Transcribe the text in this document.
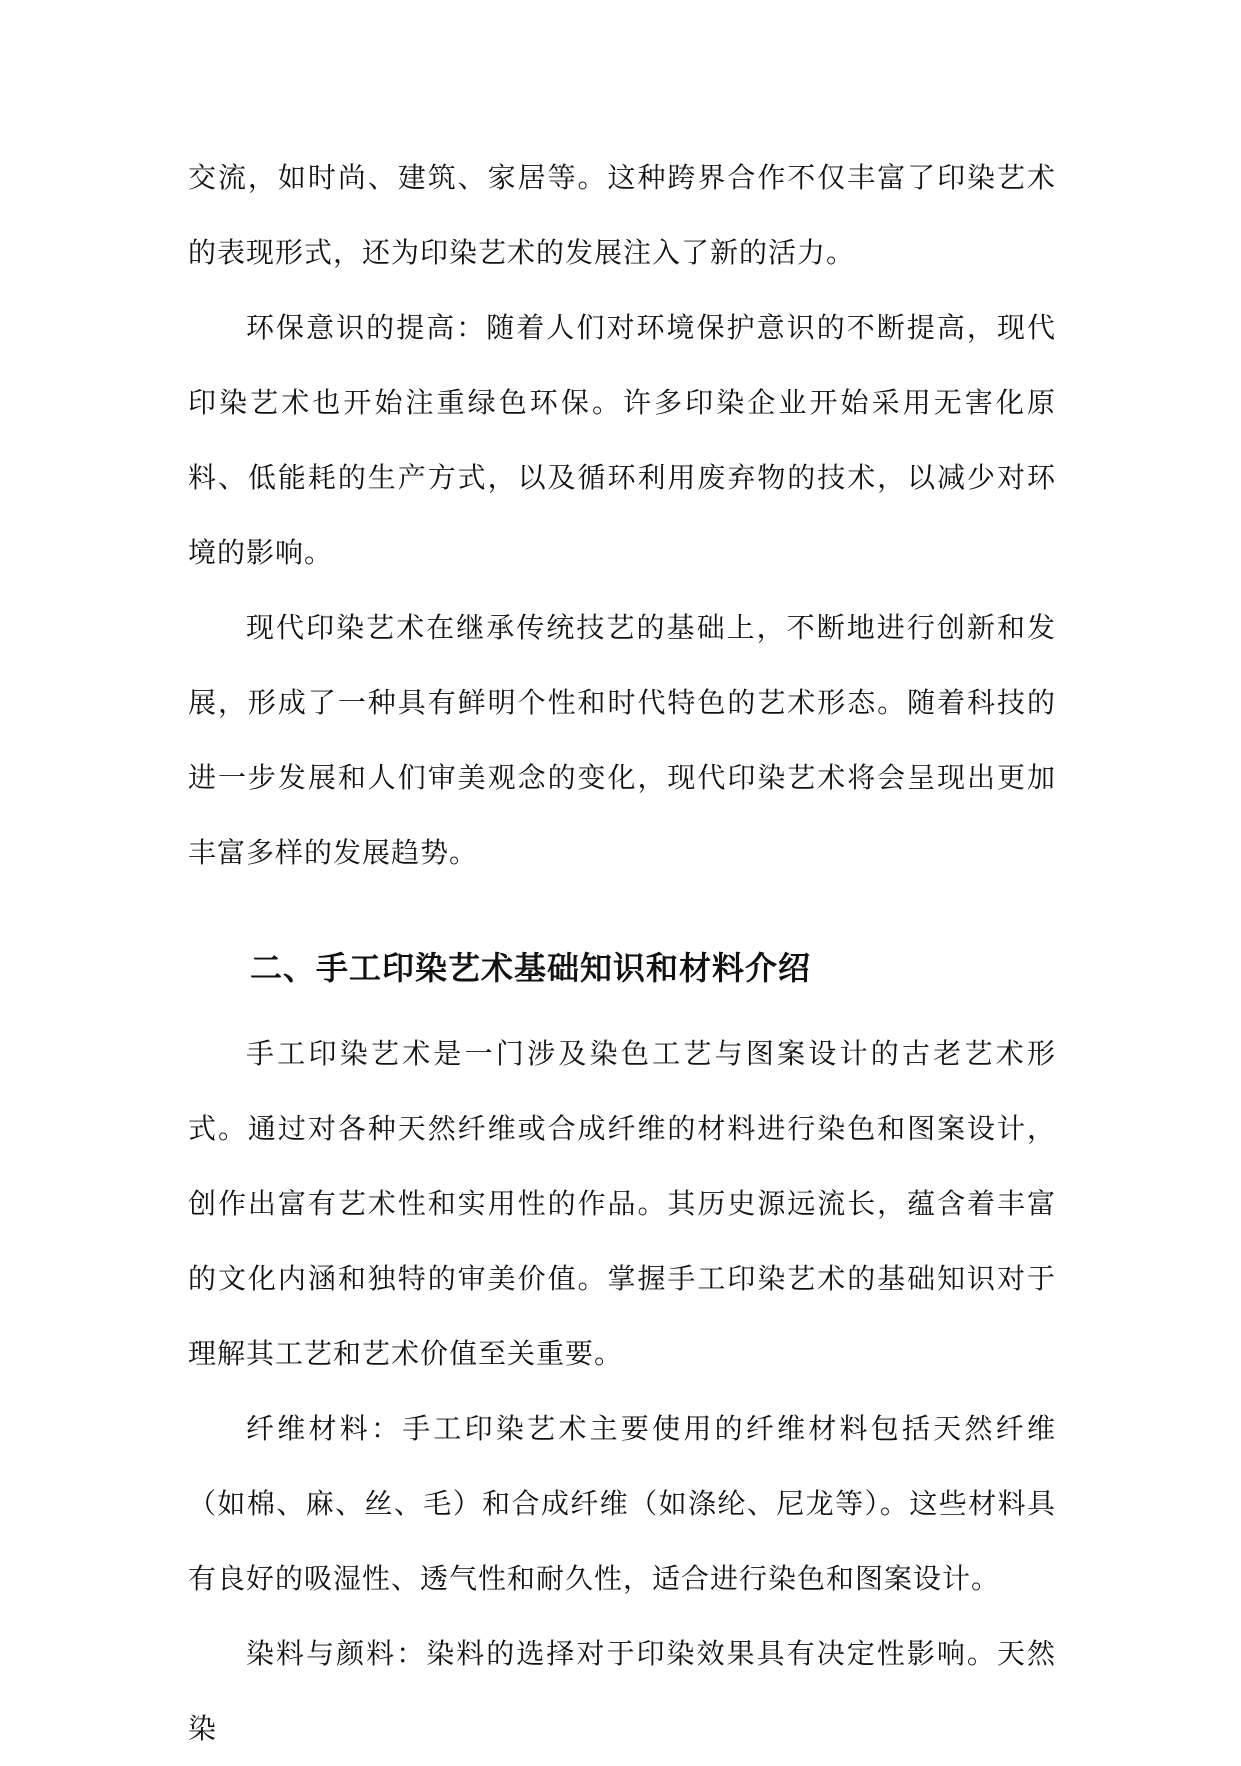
交流，如时尚、建筑、家居等。这种跨界合作不仅丰富了印染艺术的表现形式，还为印染艺术的发展注入了新的活力。

环保意识的提高：随着人们对环境保护意识的不断提高，现代印染艺术也开始注重绿色环保。许多印染企业开始采用无害化原料、低能耗的生产方式，以及循环利用废弃物的技术，以减少对环境的影响。

现代印染艺术在继承传统技艺的基础上，不断地进行创新和发展，形成了一种具有鲜明个性和时代特色的艺术形态。随着科技的进一步发展和人们审美观念的变化，现代印染艺术将会呈现出更加丰富多样的发展趋势。

二、手工印染艺术基础知识和材料介绍

手工印染艺术是一门涉及染色工艺与图案设计的古老艺术形式。通过对各种天然纤维或合成纤维的材料进行染色和图案设计，创作出富有艺术性和实用性的作品。其历史源远流长，蕴含着丰富的文化内涵和独特的审美价值。掌握手工印染艺术的基础知识对于理解其工艺和艺术价值至关重要。

纤维材料：手工印染艺术主要使用的纤维材料包括天然纤维（如棉、麻、丝、毛）和合成纤维（如涤纶、尼龙等）。这些材料具有良好的吸湿性、透气性和耐久性，适合进行染色和图案设计。

染料与颜料：染料的选择对于印染效果具有决定性影响。天然染
